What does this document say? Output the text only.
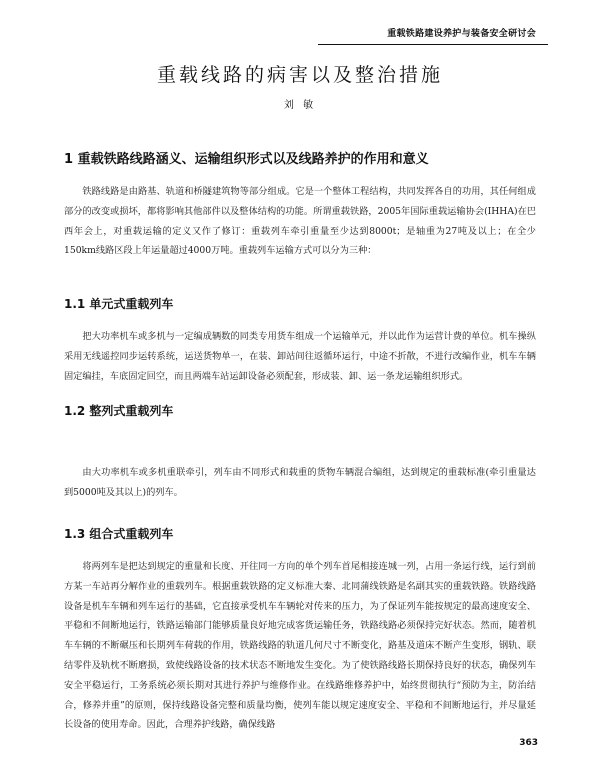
重载铁路建设养护与装备安全研讨会
重载线路的病害以及整治措施
刘 敏
1 重载铁路线路涵义、运输组织形式以及线路养护的作用和意义

铁路线路是由路基、轨道和桥隧建筑物等部分组成。它是一个整体工程结构，共同发挥各自的功用，其任何组成部分的改变或损坏，都将影响其他部件以及整体结构的功能。所谓重载铁路，2005年国际重载运输协会(IHHA)在巴西年会上，对重载运输的定义又作了修订：重载列车牵引重量至少达到8000t；是轴重为27吨及以上；在全少150km线路区段上年运量超过4000万吨。重载列车运输方式可以分为三种：

1.1 单元式重载列车

把大功率机车或多机与一定编成辆数的同类专用货车组成一个运输单元，并以此作为运营计费的单位。机车操纵采用无线遥控同步运转系统，运送货物单一，在装、卸站间往返循环运行，中途不折散，不进行改编作业，机车车辆固定编挂，车底固定回空，而且两端车站运卸设备必须配套，形成装、卸、运一条龙运输组织形式。

1.2 整列式重载列车

由大功率机车或多机重联牵引，列车由不同形式和载重的货物车辆混合编组，达到规定的重载标准(牵引重量达到5000吨及其以上)的列车。

1.3 组合式重载列车

将两列车是把达到规定的重量和长度、开往同一方向的单个列车首尾相接连城一列，占用一条运行线，运行到前方某一车站再分解作业的重载列车。根据重载铁路的定义标准大秦、北同蒲线铁路是名副其实的重载铁路。铁路线路设备是机车车辆和列车运行的基础，它直接承受机车车辆轮对传来的压力，为了保证列车能按规定的最高速度安全、平稳和不间断地运行，铁路运输部门能够质量良好地完成客货运输任务，铁路线路必须保持完好状态。然而，随着机车车辆的不断碾压和长期列车荷载的作用，铁路线路的轨道几何尺寸不断变化，路基及道床不断产生变形，钢轨、联结零件及轨枕不断磨损，致使线路设备的技术状态不断地发生变化。为了使铁路线路长期保持良好的状态，确保列车安全平稳运行，工务系统必须长期对其进行养护与维修作业。在线路维修养护中，始终贯彻执行“预防为主，防治结合，修养并重”的原则，保持线路设备完整和质量均衡，使列车能以规定速度安全、平稳和不间断地运行，并尽量延长设备的使用寿命。因此，合理养护线路，确保线路

363
